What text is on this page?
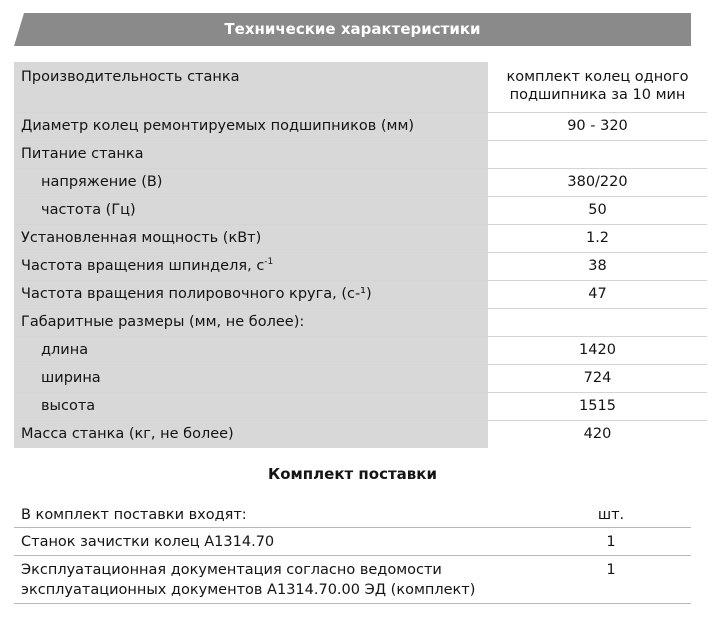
Технические характеристики
Производительность станка	комплект колец одного подшипника за 10 мин
Диаметр колец ремонтируемых подшипников (мм)	90 - 320
Питание станка	
напряжение (В)	380/220
частота (Гц)	50
Установленная мощность (кВт)	1.2
Частота вращения шпинделя, $с^{-1}$	38
Частота вращения полировочного круга, (с-¹)	47
Габаритные размеры (мм, не более):	
длина	1420
ширина	724
высота	1515
Масса станка (кг, не более)	420
Комплект поставки
В комплект поставки входят:	шт.
Станок зачистки колец А1314.70	1
Эксплуатационная документация согласно ведомости эксплуатационных документов А1314.70.00 ЭД (комплект)	1
